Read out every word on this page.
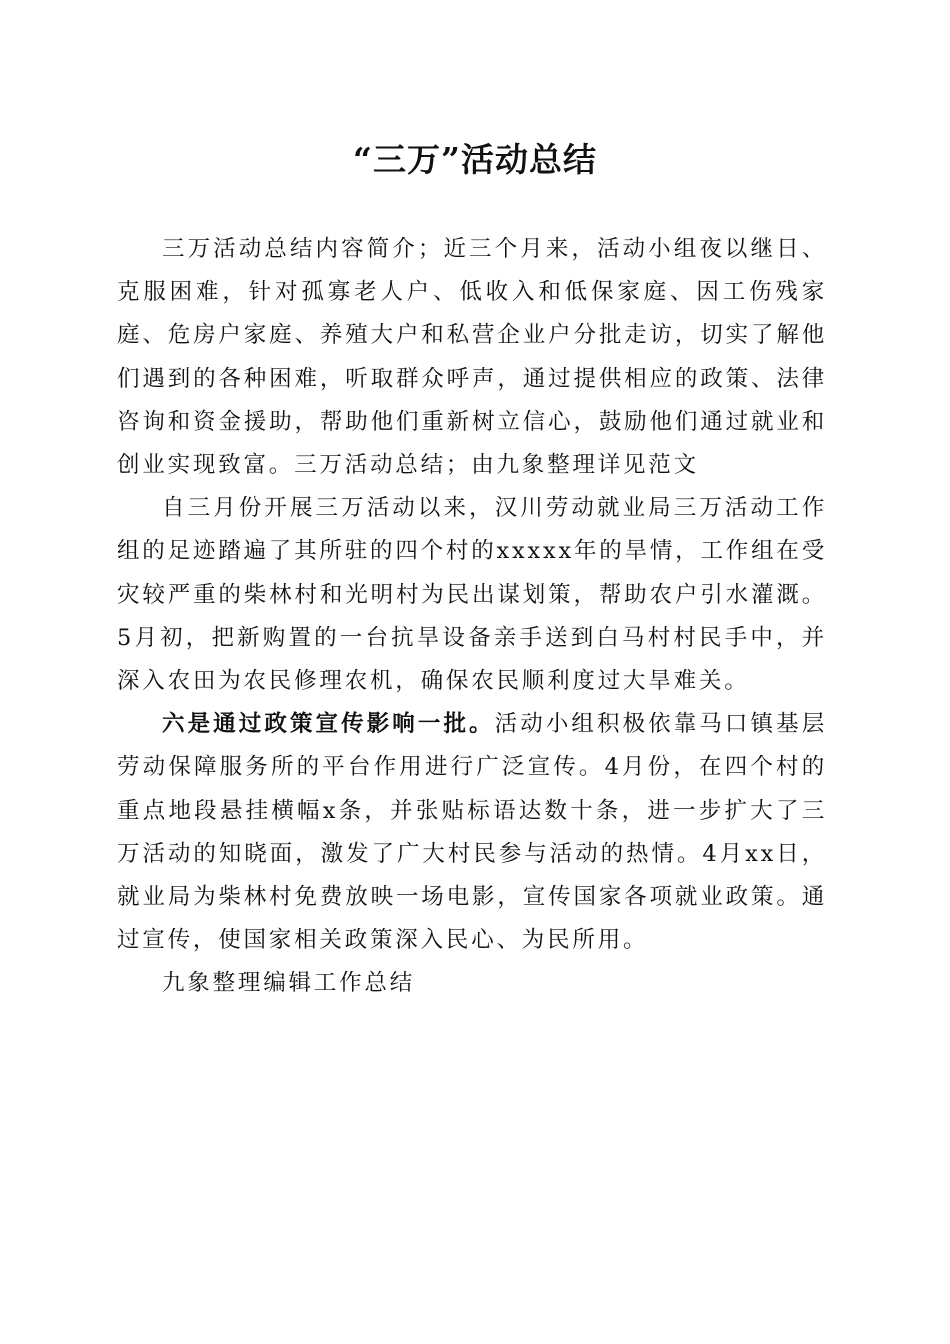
“三万”活动总结

三万活动总结内容简介；近三个月来，活动小组夜以继日、克服困难，针对孤寡老人户、低收入和低保家庭、因工伤残家庭、危房户家庭、养殖大户和私营企业户分批走访，切实了解他们遇到的各种困难，听取群众呼声，通过提供相应的政策、法律咨询和资金援助，帮助他们重新树立信心，鼓励他们通过就业和创业实现致富。三万活动总结；由九象整理详见范文

自三月份开展三万活动以来，汉川劳动就业局三万活动工作组的足迹踏遍了其所驻的四个村的xxxxx年的旱情，工作组在受灾较严重的柴林村和光明村为民出谋划策，帮助农户引水灌溉。5月初，把新购置的一台抗旱设备亲手送到白马村村民手中，并深入农田为农民修理农机，确保农民顺利度过大旱难关。

六是通过政策宣传影响一批。活动小组积极依靠马口镇基层劳动保障服务所的平台作用进行广泛宣传。4月份，在四个村的重点地段悬挂横幅x条，并张贴标语达数十条，进一步扩大了三万活动的知晓面，激发了广大村民参与活动的热情。4月xx日，就业局为柴林村免费放映一场电影，宣传国家各项就业政策。通过宣传，使国家相关政策深入民心、为民所用。

九象整理编辑工作总结
